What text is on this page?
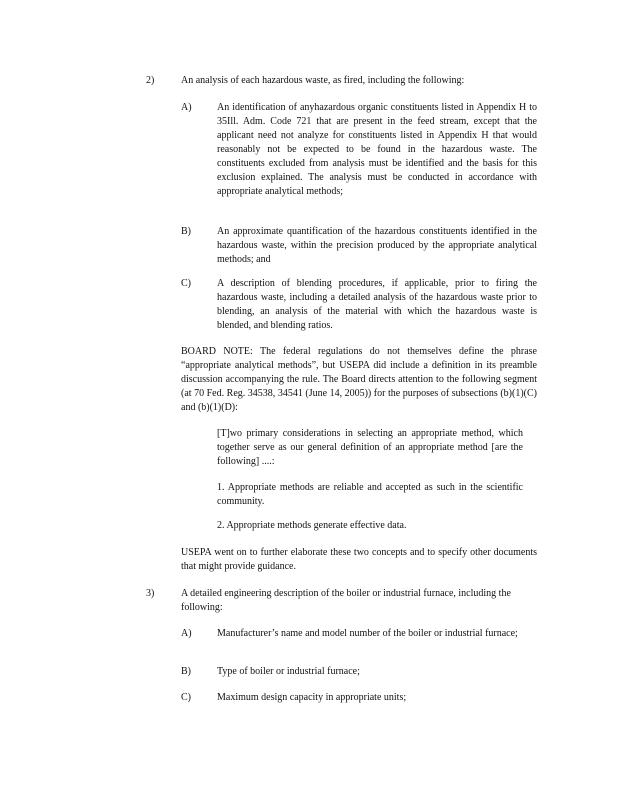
2)	An analysis of each hazardous waste, as fired, including the following:
A)	An identification of anyhazardous organic constituents listed in Appendix H to 35Ill. Adm. Code 721 that are present in the feed stream, except that the applicant need not analyze for constituents listed in Appendix H that would reasonably not be expected to be found in the hazardous waste. The constituents excluded from analysis must be identified and the basis for this exclusion explained. The analysis must be conducted in accordance with appropriate analytical methods;
B)	An approximate quantification of the hazardous constituents identified in the hazardous waste, within the precision produced by the appropriate analytical methods; and
C)	A description of blending procedures, if applicable, prior to firing the hazardous waste, including a detailed analysis of the hazardous waste prior to blending, an analysis of the material with which the hazardous waste is blended, and blending ratios.
BOARD NOTE: The federal regulations do not themselves define the phrase “appropriate analytical methods”, but USEPA did include a definition in its preamble discussion accompanying the rule. The Board directs attention to the following segment (at 70 Fed. Reg. 34538, 34541 (June 14, 2005)) for the purposes of subsections (b)(1)(C) and (b)(1)(D):
[T]wo primary considerations in selecting an appropriate method, which together serve as our general definition of an appropriate method [are the following] ....:
1. Appropriate methods are reliable and accepted as such in the scientific community.
2. Appropriate methods generate effective data.
USEPA went on to further elaborate these two concepts and to specify other documents that might provide guidance.
3)	A detailed engineering description of the boiler or industrial furnace, including the following:
A)	Manufacturer’s name and model number of the boiler or industrial furnace;
B)	Type of boiler or industrial furnace;
C)	Maximum design capacity in appropriate units;
